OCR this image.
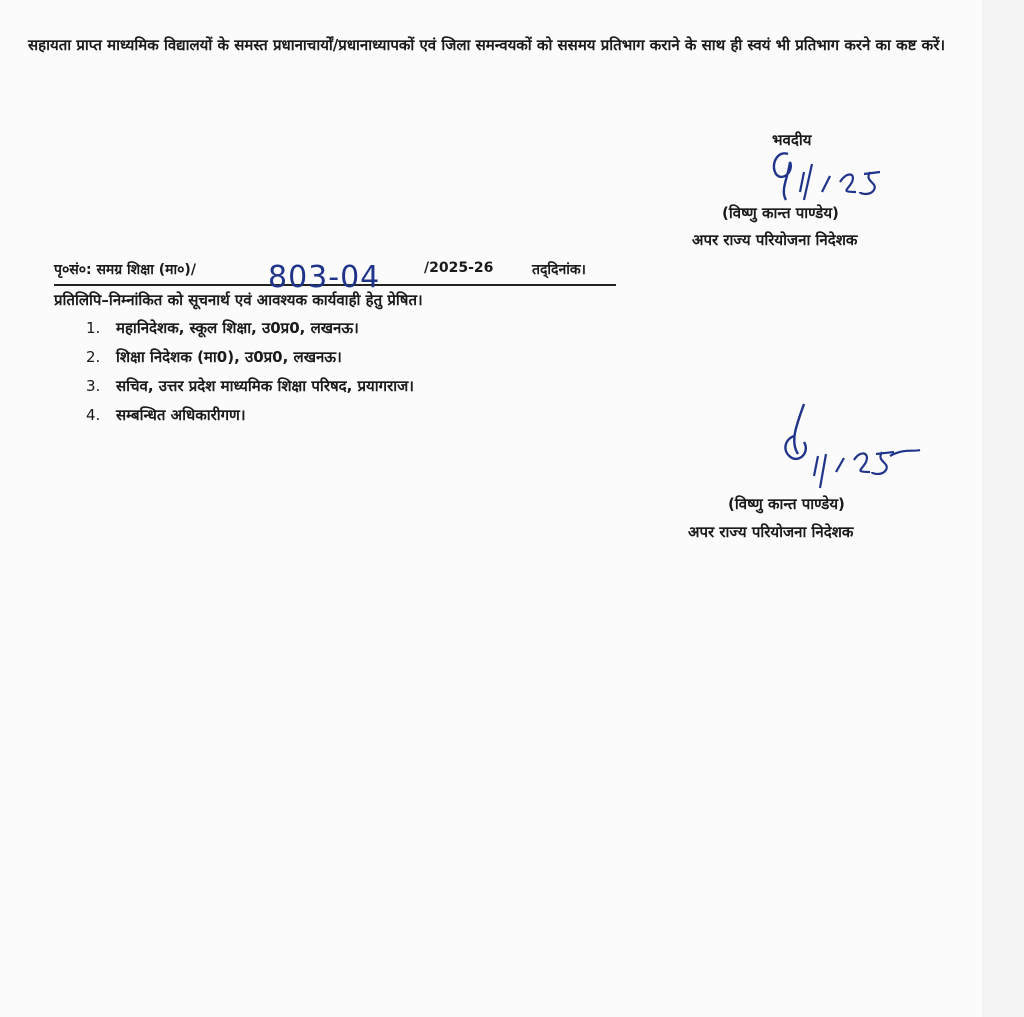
सहायता प्राप्त माध्यमिक विद्यालयों के समस्त प्रधानाचार्यों/प्रधानाध्यापकों एवं जिला समन्वयकों को ससमय प्रतिभाग कराने के साथ ही स्वयं भी प्रतिभाग करने का कष्ट करें।
भवदीय
(विष्णु कान्त पाण्डेय)
अपर राज्य परियोजना निदेशक
पृ०सं०: समग्र शिक्षा (मा०)/ 803-04	/2025-26	तद्‌दिनांक।
प्रतिलिपि–निम्नांकित को सूचनार्थ एवं आवश्यक कार्यवाही हेतु प्रेषित।
1. महानिदेशक, स्कूल शिक्षा, उ0प्र0, लखनऊ।
2. शिक्षा निदेशक (मा0), उ0प्र0, लखनऊ।
3. सचिव, उत्तर प्रदेश माध्यमिक शिक्षा परिषद, प्रयागराज।
4. सम्बन्धित अधिकारीगण।
(विष्णु कान्त पाण्डेय)
अपर राज्य परियोजना निदेशक
